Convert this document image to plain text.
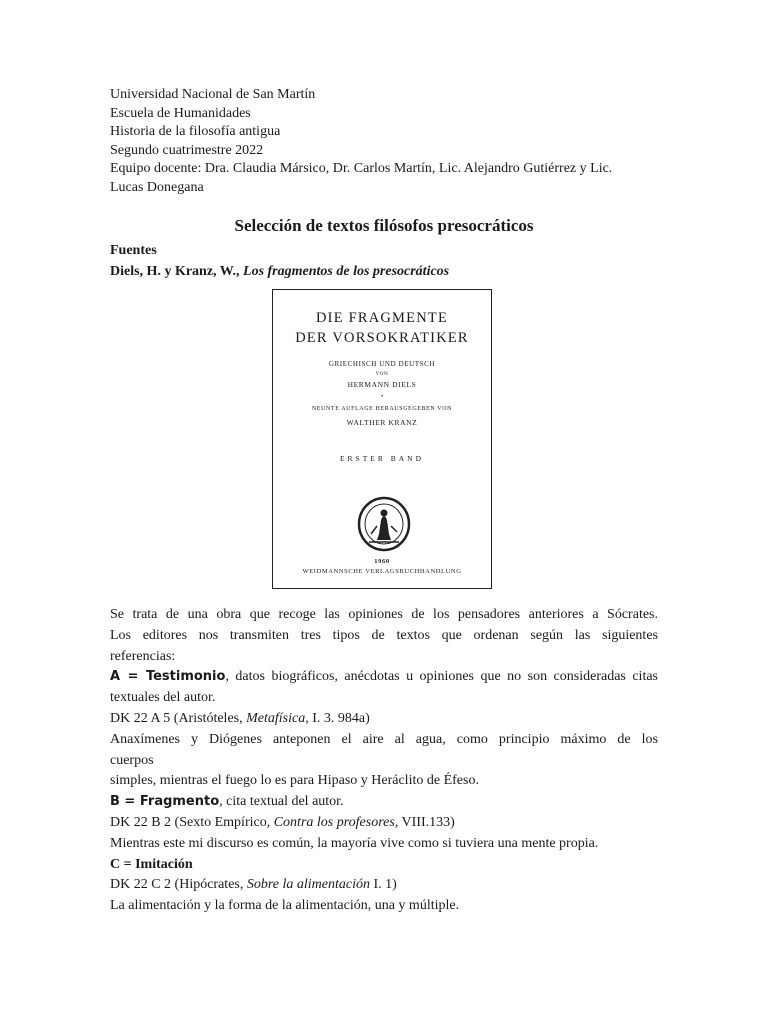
Universidad Nacional de San Martín
Escuela de Humanidades
Historia de la filosofía antigua
Segundo cuatrimestre 2022
Equipo docente: Dra. Claudia Mársico, Dr. Carlos Martín, Lic. Alejandro Gutiérrez y Lic.
Lucas Donegana
Selección de textos filósofos presocráticos
Fuentes
Diels, H. y Kranz, W., Los fragmentos de los presocráticos
DIE FRAGMENTE
DER VORSOKRATIKER
GRIECHISCH UND DEUTSCH
VON
HERMANN DIELS
•
NEUNTE AUFLAGE HERAUSGEGEBEN VON
WALTHER KRANZ
ERSTER BAND
1960
WEIDMANNSCHE VERLAGSBUCHHANDLUNG

Se trata de una obra que recoge las opiniones de los pensadores anteriores a Sócrates.

Los editores nos transmiten tres tipos de textos que ordenan según las siguientes

referencias:

A = Testimonio, datos biográficos, anécdotas u opiniones que no son consideradas citas

textuales del autor.

DK 22 A 5 (Aristóteles, Metafísica, I. 3. 984a)

Anaxímenes y Diógenes anteponen el aire al agua, como principio máximo de los

cuerpos

simples, mientras el fuego lo es para Hipaso y Heráclito de Éfeso.

B = Fragmento, cita textual del autor.

DK 22 B 2 (Sexto Empírico, Contra los profesores, VIII.133)

Mientras este mi discurso es común, la mayoría vive como si tuviera una mente propia.

C = Imitación

DK 22 C 2 (Hipócrates, Sobre la alimentación I. 1)

La alimentación y la forma de la alimentación, una y múltiple.
